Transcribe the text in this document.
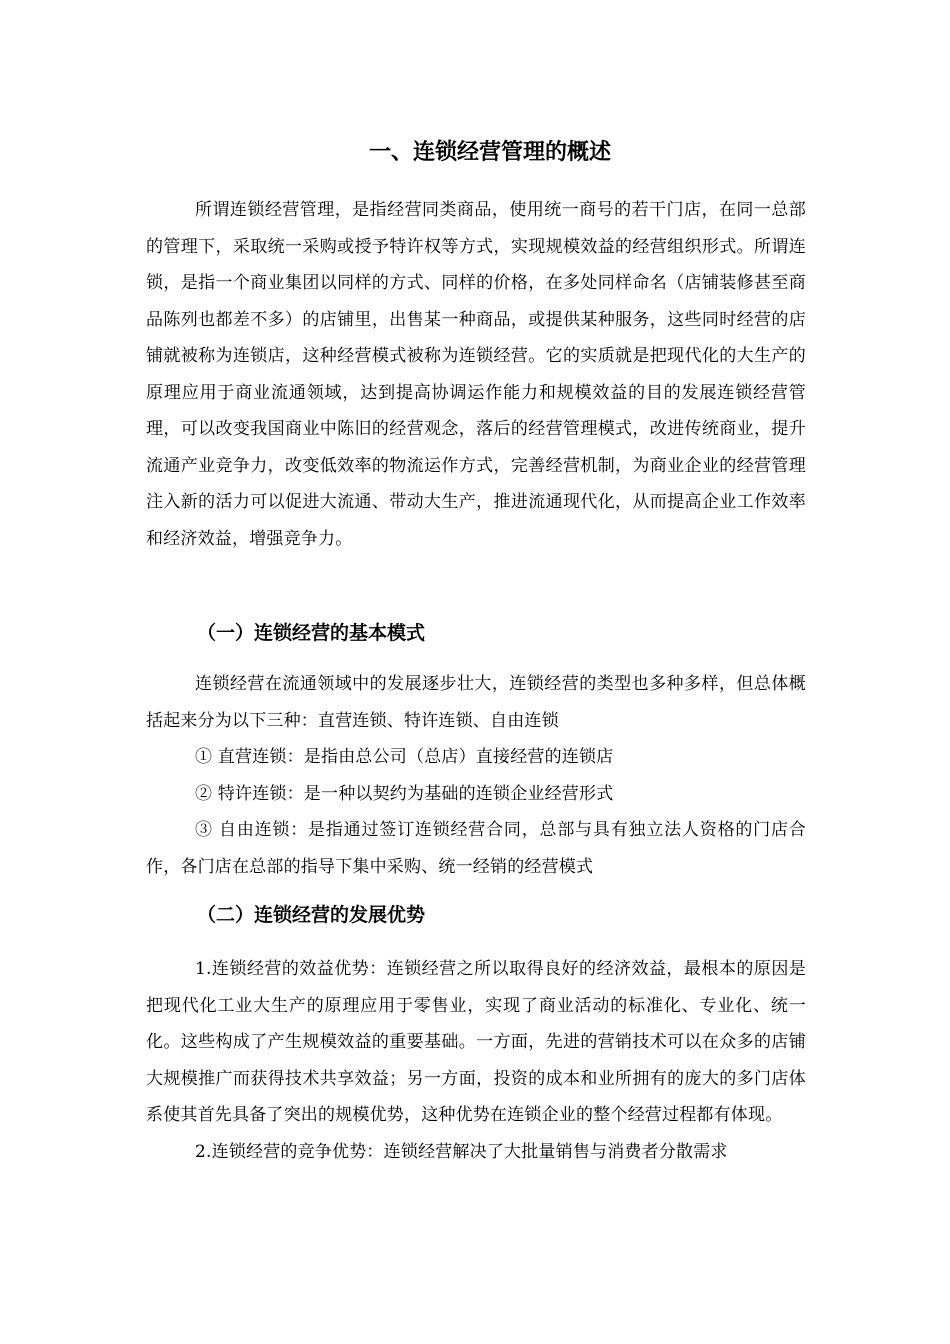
一、连锁经营管理的概述

所谓连锁经营管理，是指经营同类商品，使用统一商号的若干门店，在同一总部的管理下，采取统一采购或授予特许权等方式，实现规模效益的经营组织形式。所谓连锁，是指一个商业集团以同样的方式、同样的价格，在多处同样命名（店铺装修甚至商品陈列也都差不多）的店铺里，出售某一种商品，或提供某种服务，这些同时经营的店铺就被称为连锁店，这种经营模式被称为连锁经营。它的实质就是把现代化的大生产的原理应用于商业流通领域，达到提高协调运作能力和规模效益的目的发展连锁经营管理，可以改变我国商业中陈旧的经营观念，落后的经营管理模式，改进传统商业，提升流通产业竞争力，改变低效率的物流运作方式，完善经营机制，为商业企业的经营管理注入新的活力可以促进大流通、带动大生产，推进流通现代化，从而提高企业工作效率和经济效益，增强竞争力。

（一）连锁经营的基本模式

连锁经营在流通领域中的发展逐步壮大，连锁经营的类型也多种多样，但总体概括起来分为以下三种：直营连锁、特许连锁、自由连锁

① 直营连锁：是指由总公司（总店）直接经营的连锁店

② 特许连锁：是一种以契约为基础的连锁企业经营形式

③ 自由连锁：是指通过签订连锁经营合同，总部与具有独立法人资格的门店合作，各门店在总部的指导下集中采购、统一经销的经营模式

（二）连锁经营的发展优势

1.连锁经营的效益优势：连锁经营之所以取得良好的经济效益，最根本的原因是把现代化工业大生产的原理应用于零售业，实现了商业活动的标准化、专业化、统一化。这些构成了产生规模效益的重要基础。一方面，先进的营销技术可以在众多的店铺大规模推广而获得技术共享效益；另一方面，投资的成本和业所拥有的庞大的多门店体系使其首先具备了突出的规模优势，这种优势在连锁企业的整个经营过程都有体现。

2.连锁经营的竞争优势：连锁经营解决了大批量销售与消费者分散需求
